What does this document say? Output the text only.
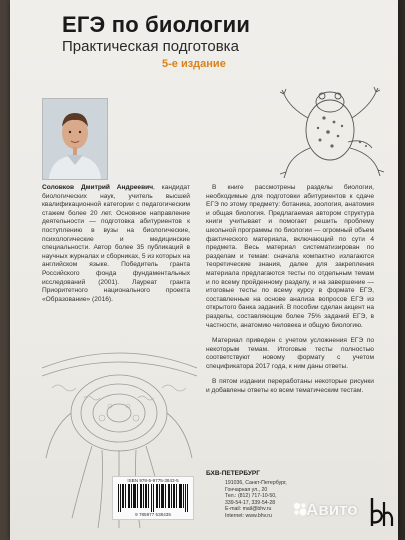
ЕГЭ по биологии
Практическая подготовка
5-е издание

Соловков Дмитрий Андреевич, кандидат биологических наук, учитель высшей квалификационной категории с педагогическим стажем более 20 лет. Основное направление деятельности — подготовка абитуриентов к поступлению в вузы на биологические, психологические и медицинские специальности. Автор более 35 публикаций в научных журналах и сборниках, 5 из которых на английском языке. Победитель гранта Российского фонда фундаментальных исследований (2001). Лауреат гранта Приоритетного национального проекта «Образование» (2016).

В книге рассмотрены разделы биологии, необходимые для подготовки абитуриентов к сдаче ЕГЭ по этому предмету: ботаника, зоология, анатомия и общая биология. Предлагаемая автором структура книги учитывает и помогает решить проблему школьной программы по биологии — огромный объем фактического материала, включающий по сути 4 предмета. Весь материал систематизирован по разделам и темам: сначала компактно излагаются теоретические знания, далее для закрепления материала предлагаются тесты по отдельным темам и по всему пройденному разделу, и на завершение — итоговые тесты по всему курсу в формате ЕГЭ, составленные на основе анализа вопросов ЕГЭ из открытого банка заданий. В пособии сделан акцент на разделы, составляющие более 75% заданий ЕГЭ, в частности, анатомию человека и общую биологию.

Материал приведен с учетом усложнения ЕГЭ по некоторым темам. Итоговые тесты полностью соответствуют новому формату с учетом спецификатора 2017 года, к ним даны ответы.

В пятом издании переработаны некоторые рисунки и добавлены ответы ко всем тематическим тестам.

ISBN 978-5-9775-3843-5
9 785977 538435
БХВ-ПЕТЕРБУРГ
191036, Санкт-Петербург,
Гончарная ул., 20
Тел.: (812) 717-10-50,
339-54-17, 339-54-28
E-mail: mail@bhv.ru
Internet: www.bhv.ru	Авито
